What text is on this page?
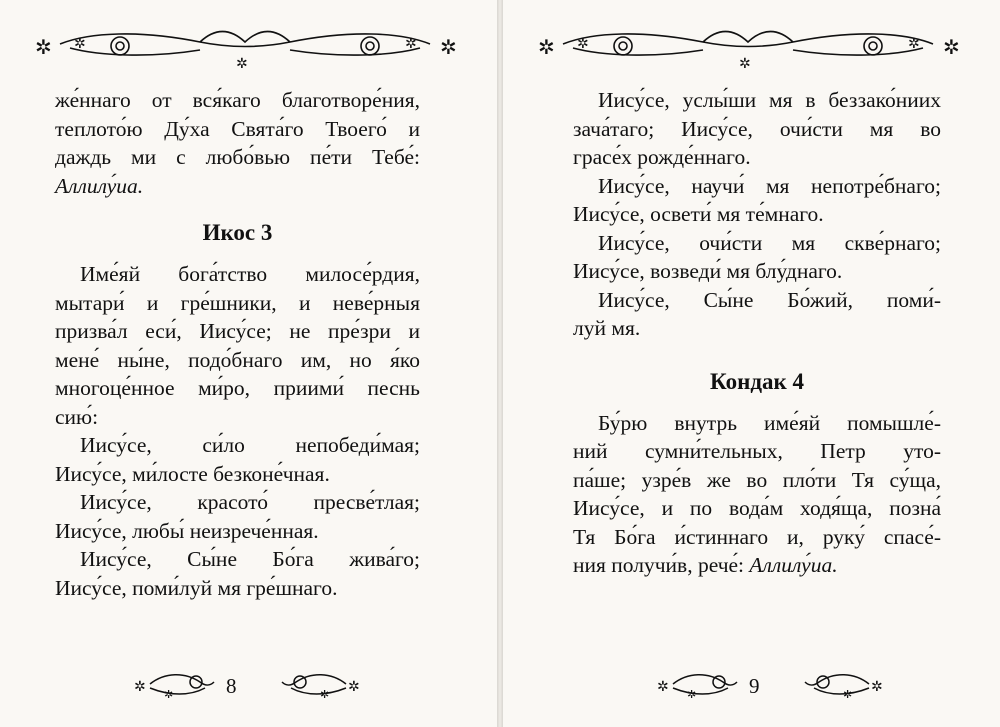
✲ ✲	✲ ✲
✲
же́ннаго от вся́каго благотворе́ния,
теплото́ю Ду́ха Свята́го Твоего́ и
даждь ми с любо́вью пе́ти Тебе́:
Аллилу́иа.
Икос 3
Име́яй бога́тство милосе́рдия,
мытари́ и гре́шники, и неве́рныя
призва́л еси́, Иису́се; не пре́зри и
мене́ ны́не, подо́бнаго им, но я́ко
многоце́нное ми́ро, приими́ песнь
сию́:
Иису́се, си́ло непобеди́мая;
Иису́се, ми́лосте безконе́чная.
Иису́се, красото́ пресве́тлая;
Иису́се, любы́ неизрече́нная.
Иису́се, Сы́не Бо́га жива́го;
Иису́се, поми́луй мя гре́шнаго.
✲ ✲	✲
✲
8
✲ ✲	✲ ✲
✲
Иису́се, услы́ши мя в беззако́ниих
зача́таго; Иису́се, очи́сти мя во
грасе́х рожде́ннаго.
Иису́се, научи́ мя непотре́бнаго;
Иису́се, освети́ мя те́мнаго.
Иису́се, очи́сти мя скве́рнаго;
Иису́се, возведи́ мя блу́днаго.
Иису́се, Сы́не Бо́жий, поми́-
луй мя.
Кондак 4
Бу́рю внутрь име́яй помышле́-
ний сумни́тельных, Петр уто-
па́ше; узре́в же во пло́ти Тя су́ща,
Иису́се, и по вода́м ходя́ща, позна́
Тя Бо́га и́стиннаго и, руку́ спасе́-
ния получи́в, рече́: Аллилу́иа.
✲ ✲	✲
✲
9
